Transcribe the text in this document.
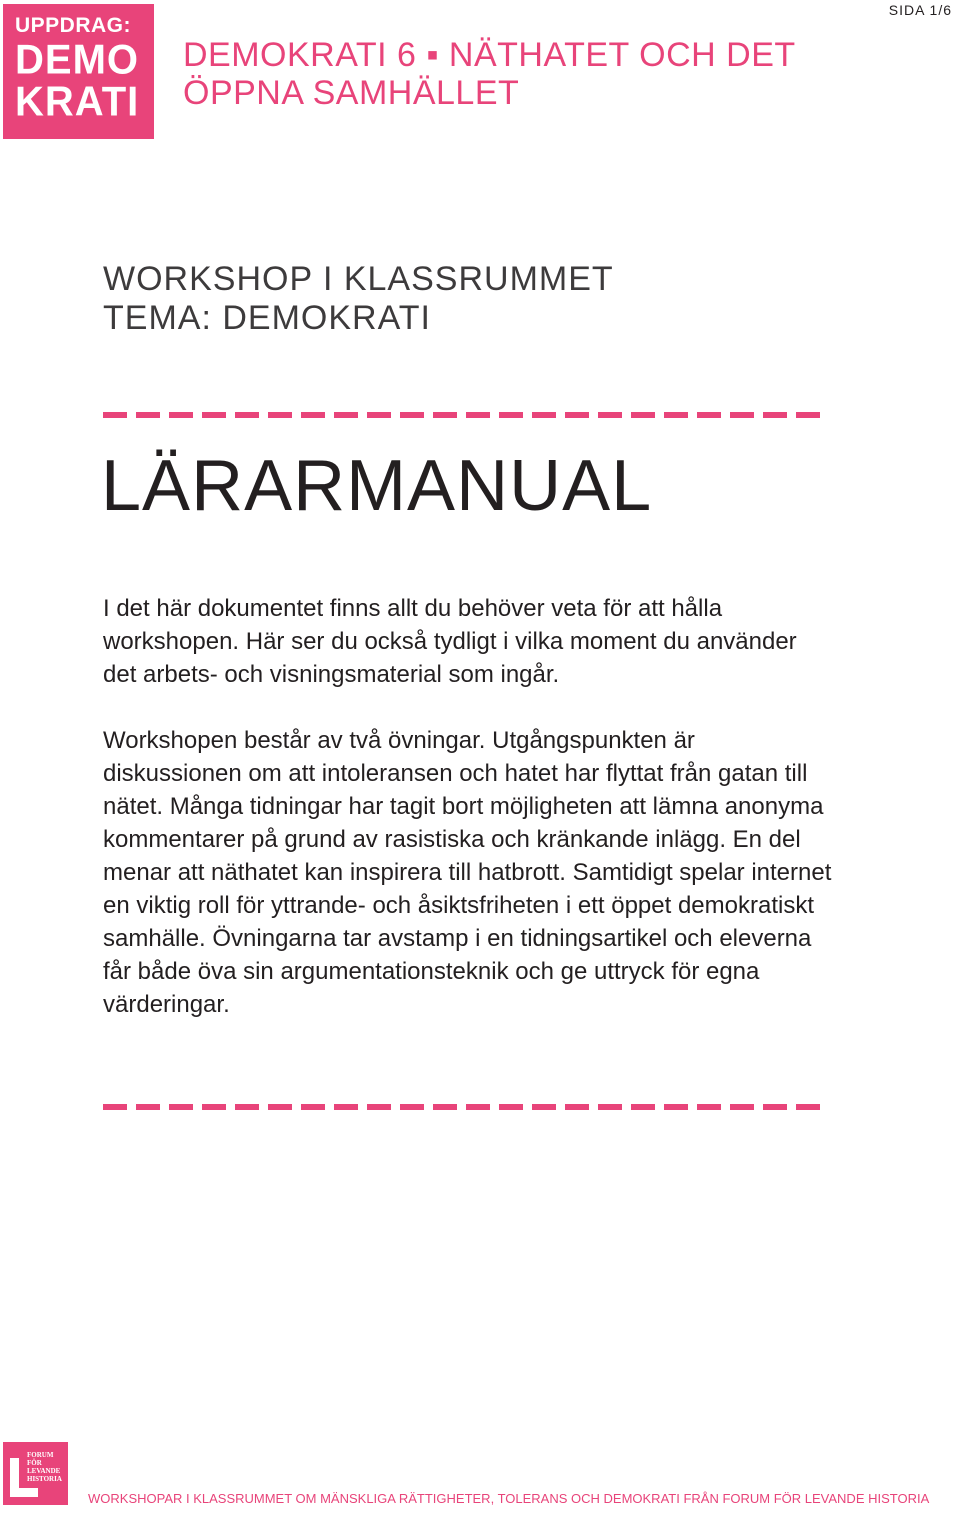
UPPDRAG:
DEMO
KRATI
SIDA 1/6
DEMOKRATI 6 ▪ NÄTHATET OCH DET
ÖPPNA SAMHÄLLET
WORKSHOP I KLASSRUMMET
TEMA: DEMOKRATI
LÄRARMANUAL

I det här dokumentet finns allt du behöver veta för att hålla workshopen. Här ser du också tydligt i vilka moment du använder det arbets- och visningsmaterial som ingår.

Workshopen består av två övningar. Utgångspunkten är diskussionen om att intoleransen och hatet har flyttat från gatan till nätet. Många tidningar har tagit bort möjligheten att lämna anonyma kommentarer på grund av rasistiska och kränkande inlägg. En del menar att näthatet kan inspirera till hatbrott. Samtidigt spelar internet en viktig roll för yttrande- och åsiktsfriheten i ett öppet demokratiskt samhälle. Övningarna tar avstamp i en tidningsartikel och eleverna får både öva sin argumentationsteknik och ge uttryck för egna värderingar.

FORUM
FÖR
LEVANDE
HISTORIA
WORKSHOPAR I KLASSRUMMET OM MÄNSKLIGA RÄTTIGHETER, TOLERANS OCH DEMOKRATI FRÅN FORUM FÖR LEVANDE HISTORIA
